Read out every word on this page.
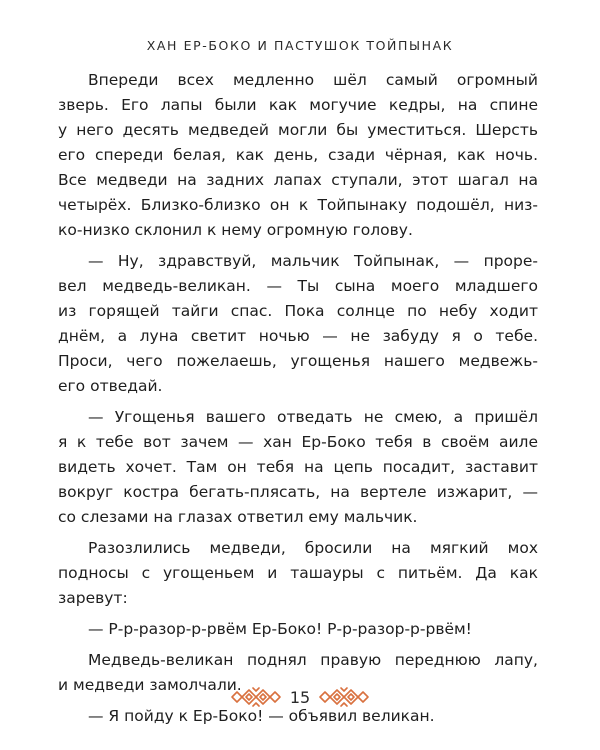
ХАН ЕР-БОКО И ПАСТУШОК ТОЙПЫНАК

Впереди всех медленно шёл самый огромный
зверь. Его лапы были как могучие кедры, на спине
у него десять медведей могли бы уместиться. Шерсть
его спереди белая, как день, сзади чёрная, как ночь.
Все медведи на задних лапах ступали, этот шагал на
четырёх. Близко-близко он к Тойпынаку подошёл, низ-
ко-низко склонил к нему огромную голову.

— Ну, здравствуй, мальчик Тойпынак, — проре-
вел медведь-великан. — Ты сына моего младшего
из горящей тайги спас. Пока солнце по небу ходит
днём, а луна светит ночью — не забуду я о тебе.
Проси, чего пожелаешь, угощенья нашего медвежь-
его отведай.

— Угощенья вашего отведать не смею, а пришёл
я к тебе вот зачем — хан Ер-Боко тебя в своём аиле
видеть хочет. Там он тебя на цепь посадит, заставит
вокруг костра бегать-плясать, на вертеле изжарит, —
со слезами на глазах ответил ему мальчик.

Разозлились медведи, бросили на мягкий мох
подносы с угощеньем и ташауры с питьём. Да как
заревут:

— Р-р-разор-р-рвём Ер-Боко! Р-р-разор-р-рвём!

Медведь-великан поднял правую переднюю лапу,
и медведи замолчали.

— Я пойду к Ер-Боко! — объявил великан.

15
